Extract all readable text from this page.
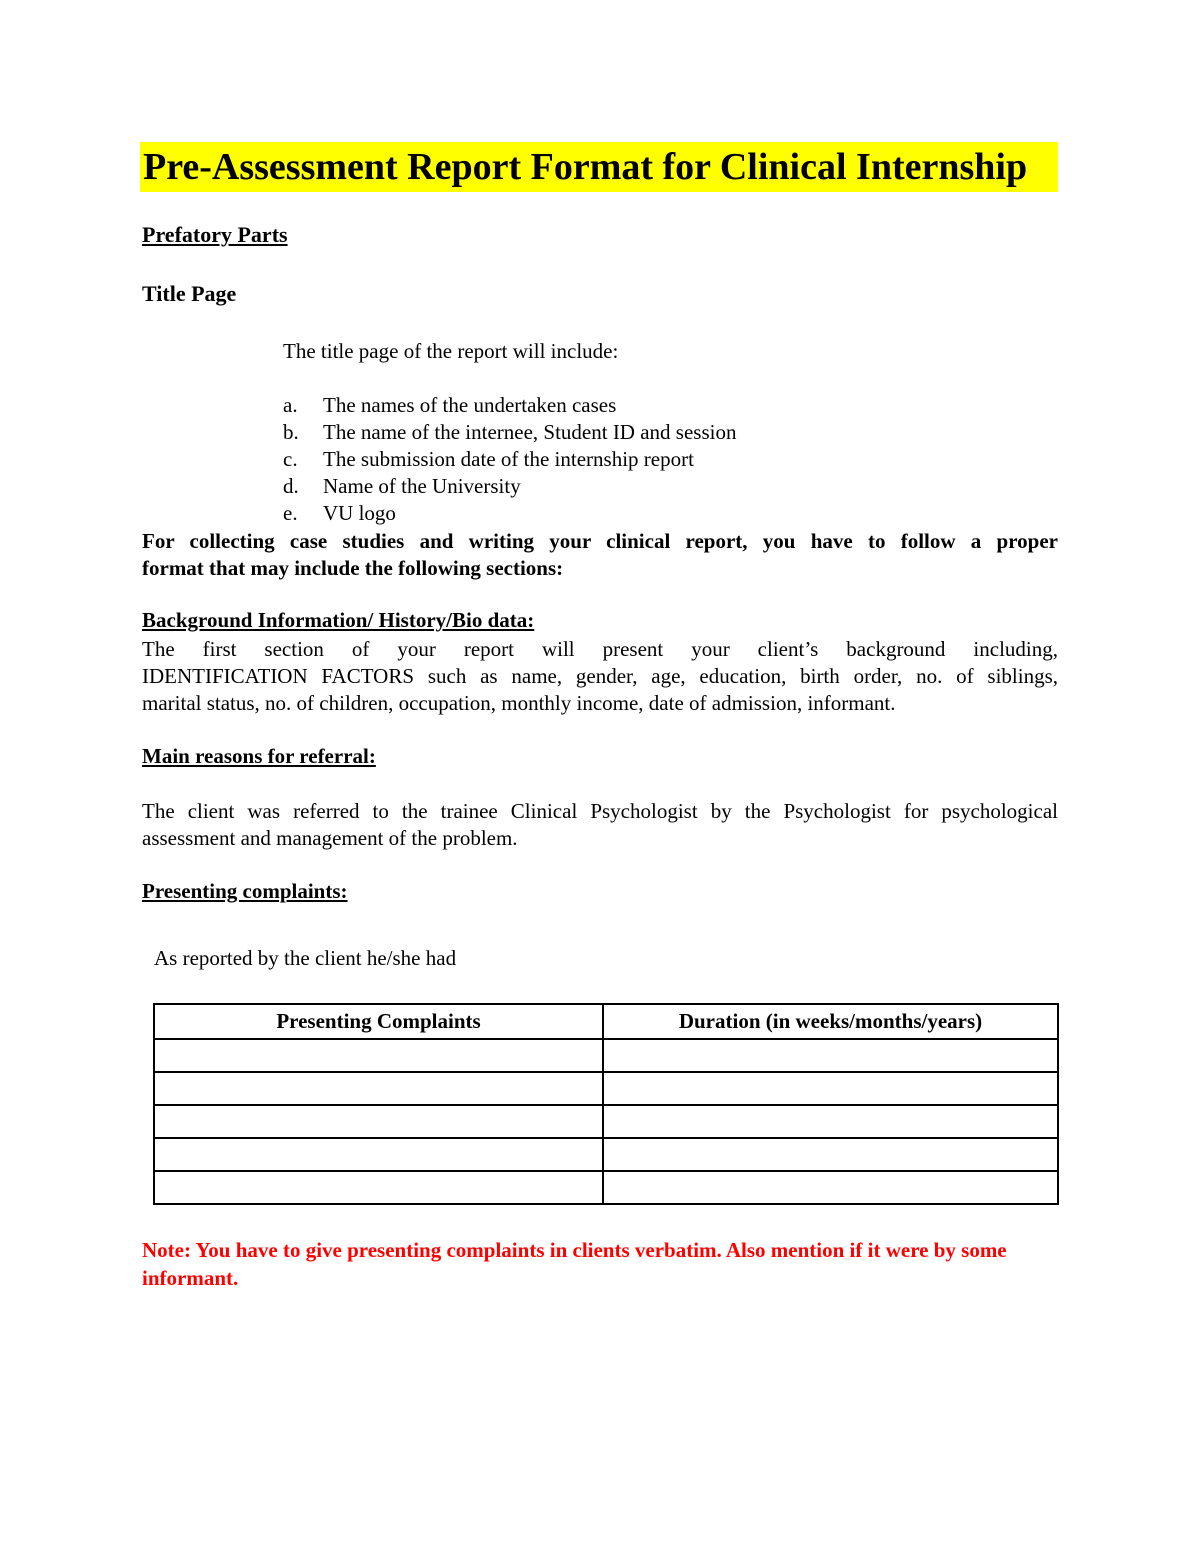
Pre-Assessment Report Format for Clinical Internship
Prefatory Parts
Title Page
The title page of the report will include:
a.	The names of the undertaken cases
b.	The name of the internee, Student ID and session
c.	The submission date of the internship report
d.	Name of the University
e.	VU logo
For collecting case studies and writing your clinical report, you have to follow a proper
format that may include the following sections:
Background Information/ History/Bio data:
The first section of your report will present your client’s background including,
IDENTIFICATION FACTORS such as name, gender, age, education, birth order, no. of siblings,
marital status, no. of children, occupation, monthly income, date of admission, informant.
Main reasons for referral:
The client was referred to the trainee Clinical Psychologist by the Psychologist for psychological
assessment and management of the problem.
Presenting complaints:
As reported by the client he/she had
Presenting Complaints	Duration (in weeks/months/years)

Note: You have to give presenting complaints in clients verbatim. Also mention if it were by some informant.
